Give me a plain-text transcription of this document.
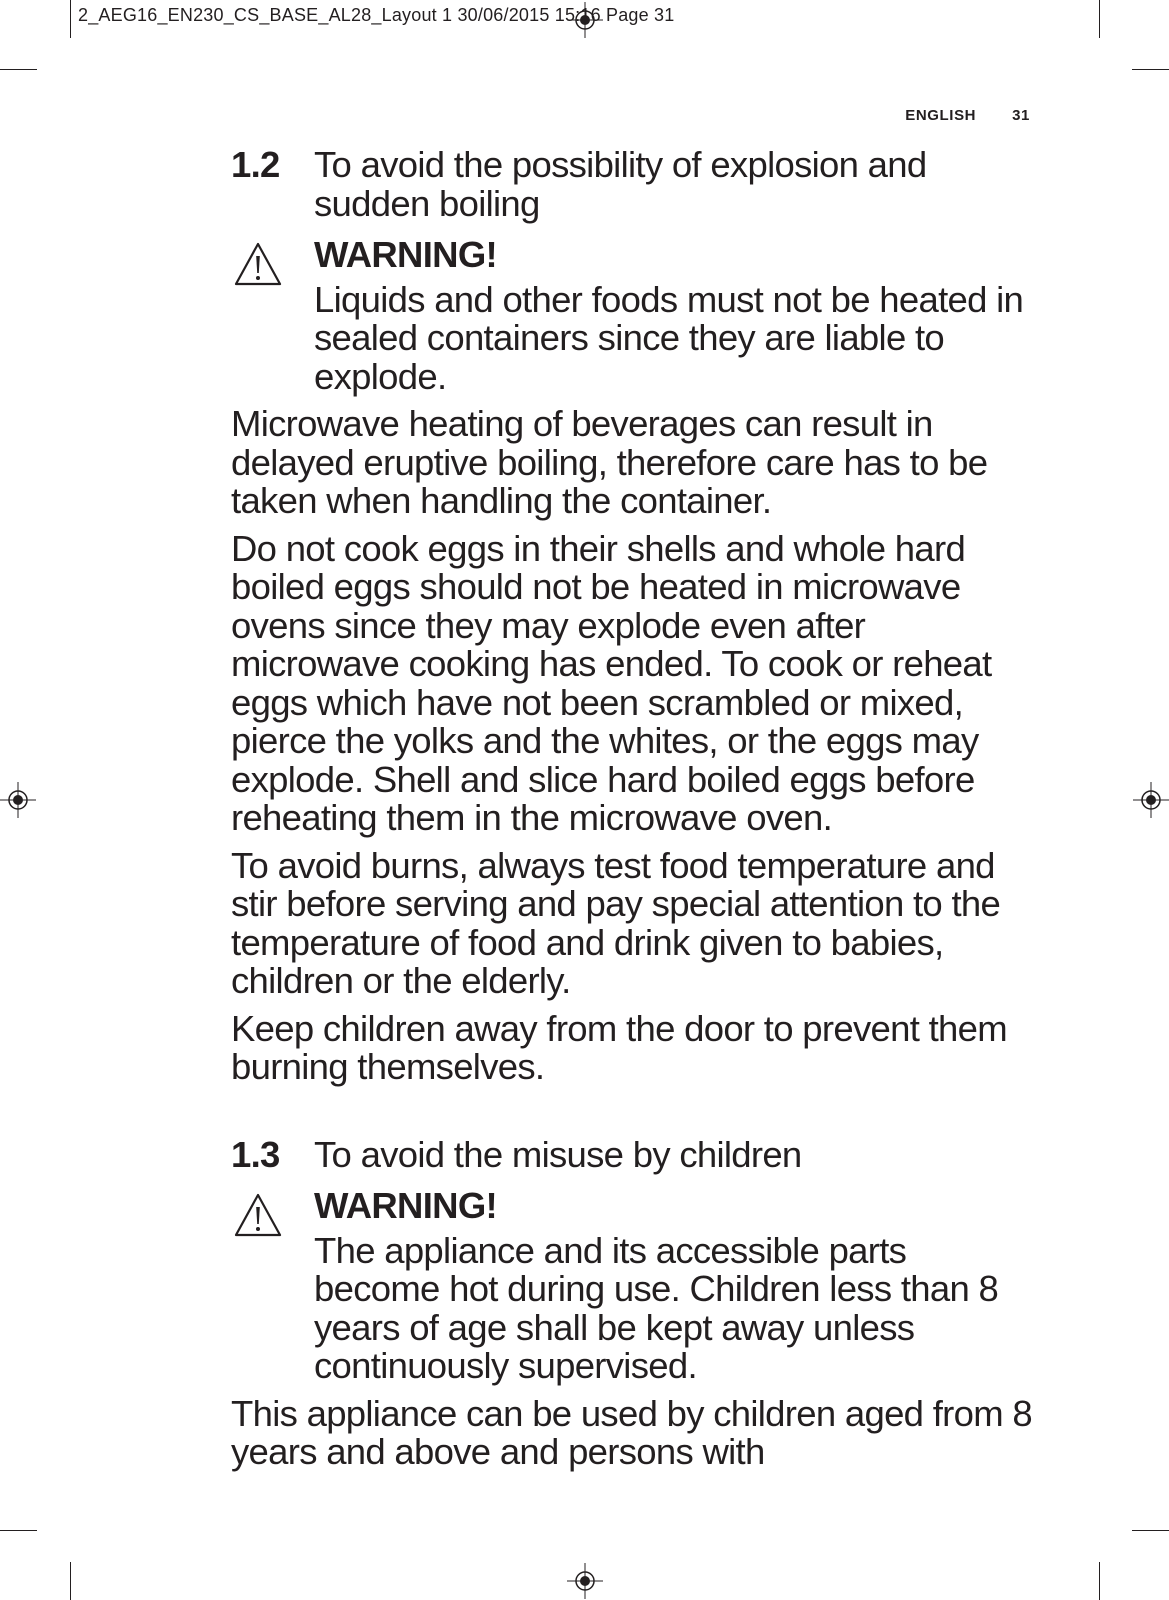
2_AEG16_EN230_CS_BASE_AL28_Layout 1 30/06/2015 15:16 Page 31
ENGLISH 31
1.2 To avoid the possibility of explosion and sudden boiling
WARNING!
Liquids and other foods must not be heated in sealed containers since they are liable to explode.
Microwave heating of beverages can result in delayed eruptive boiling, therefore care has to be taken when handling the container.
Do not cook eggs in their shells and whole hard boiled eggs should not be heated in microwave ovens since they may explode even after microwave cooking has ended. To cook or reheat eggs which have not been scrambled or mixed, pierce the yolks and the whites, or the eggs may explode. Shell and slice hard boiled eggs before reheating them in the microwave oven.
To avoid burns, always test food temperature and stir before serving and pay special attention to the temperature of food and drink given to babies, children or the elderly.
Keep children away from the door to prevent them burning themselves.
1.3 To avoid the misuse by children
WARNING!
The appliance and its accessible parts become hot during use. Children less than 8 years of age shall be kept away unless continuously supervised.
This appliance can be used by children aged from 8 years and above and persons with
